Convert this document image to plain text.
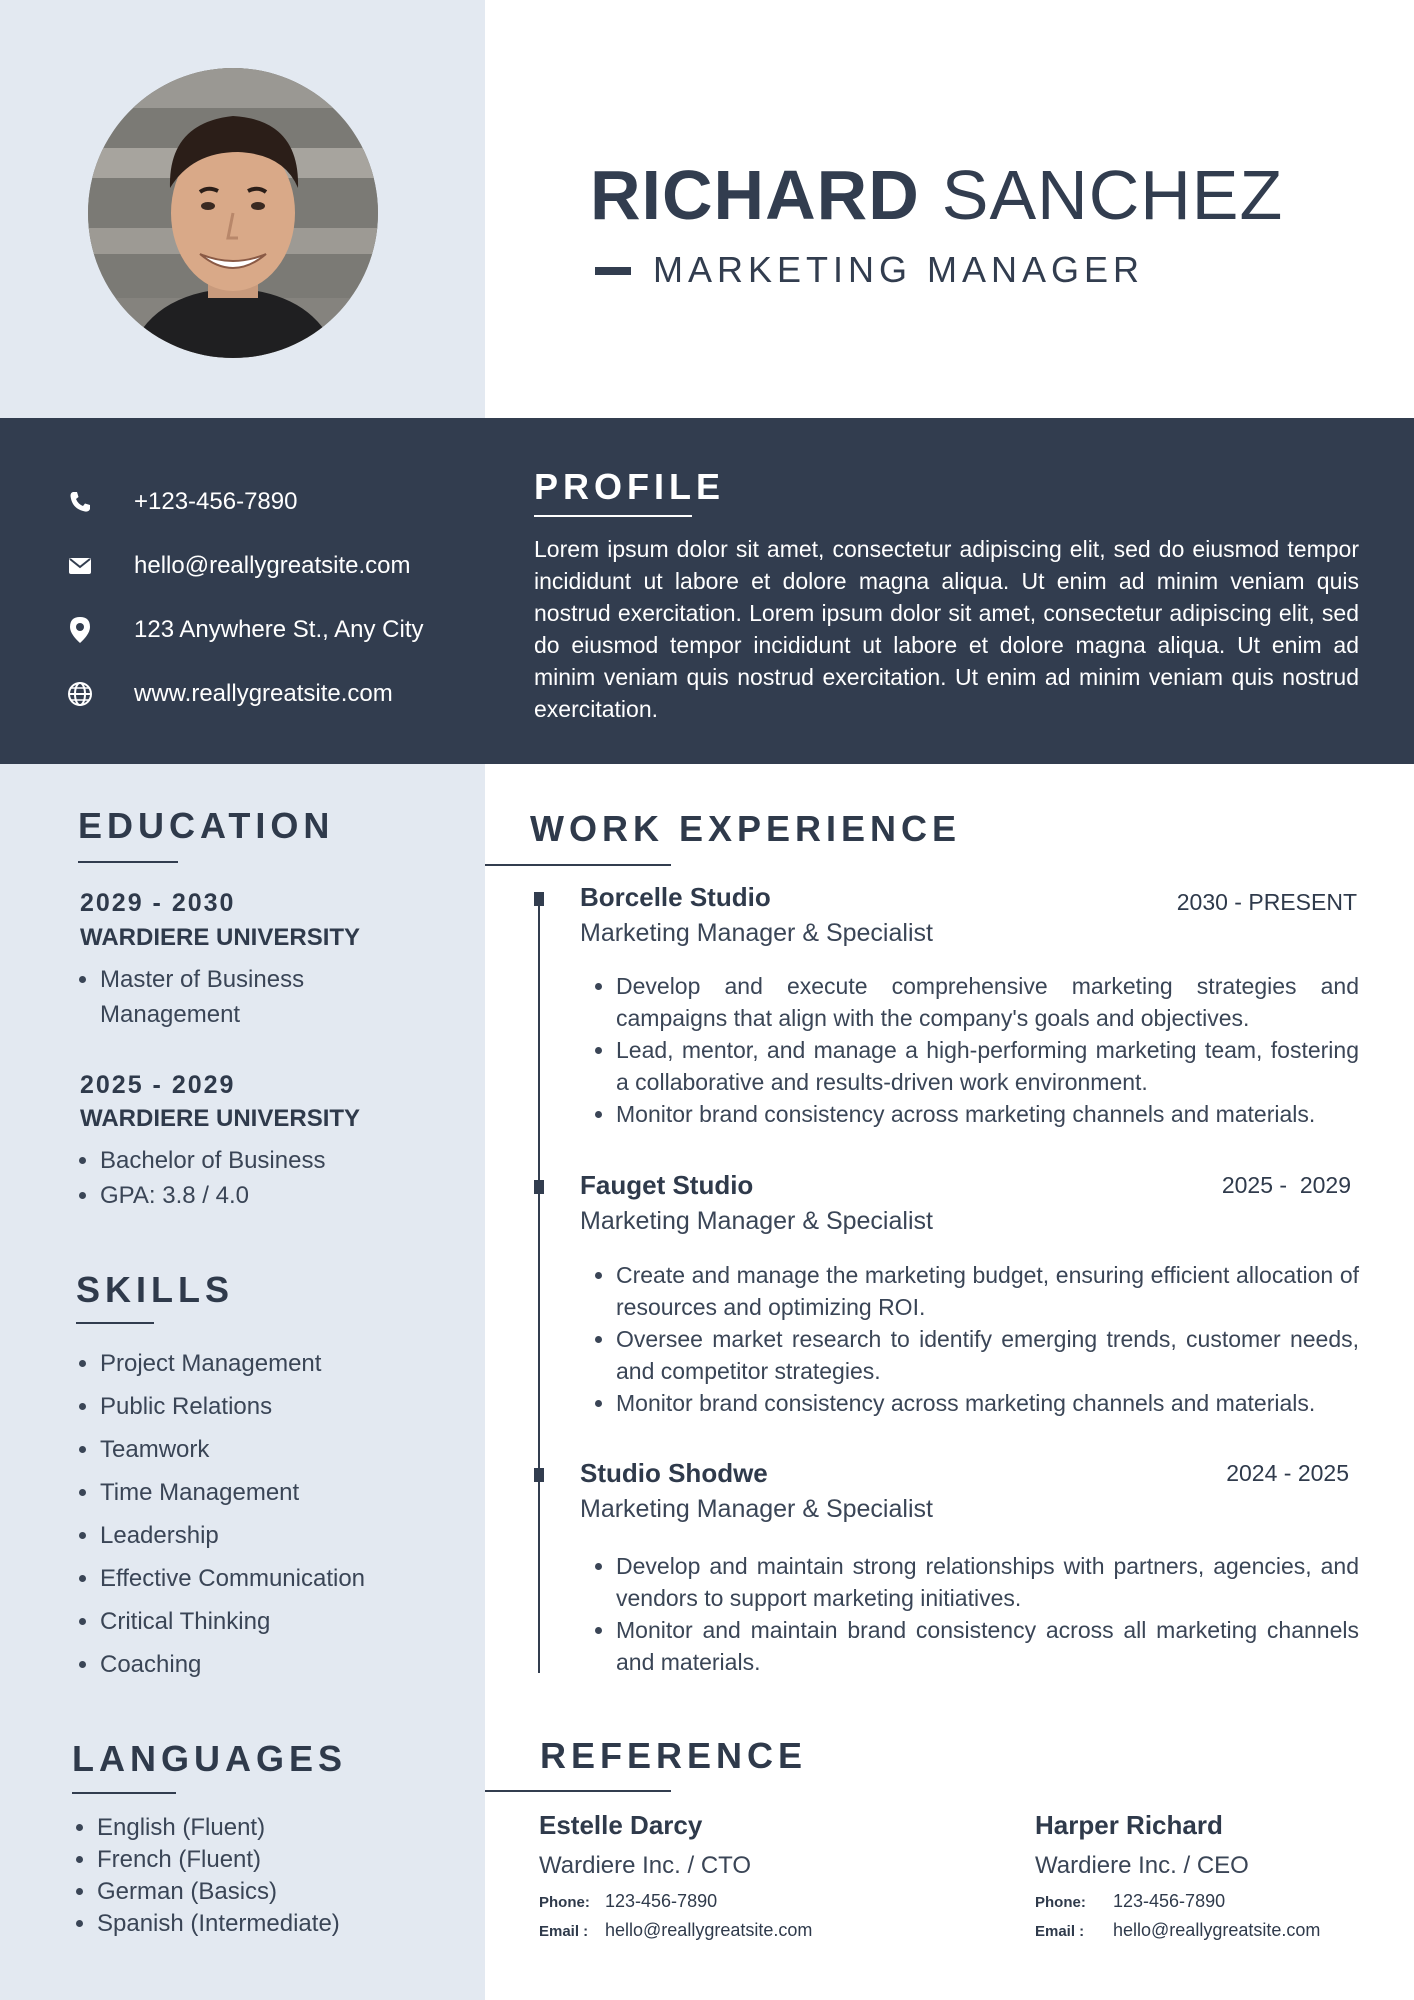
RICHARD SANCHEZ
MARKETING MANAGER
+123-456-7890
hello@reallygreatsite.com
123 Anywhere St., Any City
www.reallygreatsite.com
PROFILE

Lorem ipsum dolor sit amet, consectetur adipiscing elit, sed do eiusmod tempor incididunt ut labore et dolore magna aliqua. Ut enim ad minim veniam quis nostrud exercitation. Lorem ipsum dolor sit amet, consectetur adipiscing elit, sed do eiusmod tempor incididunt ut labore et dolore magna aliqua. Ut enim ad minim veniam quis nostrud exercitation. Ut enim ad minim veniam quis nostrud exercitation.

EDUCATION
2029 - 2030
WARDIERE UNIVERSITY
• Master of Business Management
2025 - 2029
WARDIERE UNIVERSITY
• Bachelor of Business
• GPA: 3.8 / 4.0
SKILLS
• Project Management
• Public Relations
• Teamwork
• Time Management
• Leadership
• Effective Communication
• Critical Thinking
• Coaching
LANGUAGES
• English (Fluent)
• French (Fluent)
• German (Basics)
• Spanish (Intermediate)
WORK EXPERIENCE
Borcelle Studio	2030 - PRESENT
Marketing Manager & Specialist
• Develop and execute comprehensive marketing strategies and campaigns that align with the company's goals and objectives.
• Lead, mentor, and manage a high-performing marketing team, fostering a collaborative and results-driven work environment.
• Monitor brand consistency across marketing channels and materials.
Fauget Studio	2025 -  2029
Marketing Manager & Specialist
• Create and manage the marketing budget, ensuring efficient allocation of resources and optimizing ROI.
• Oversee market research to identify emerging trends, customer needs, and competitor strategies.
• Monitor brand consistency across marketing channels and materials.
Studio Shodwe	2024 - 2025
Marketing Manager & Specialist
• Develop and maintain strong relationships with partners, agencies, and vendors to support marketing initiatives.
• Monitor and maintain brand consistency across all marketing channels and materials.
REFERENCE
Estelle Darcy
Wardiere Inc. / CTO
Phone: 123-456-7890
Email : hello@reallygreatsite.com
Harper Richard
Wardiere Inc. / CEO
Phone: 123-456-7890
Email : hello@reallygreatsite.com
